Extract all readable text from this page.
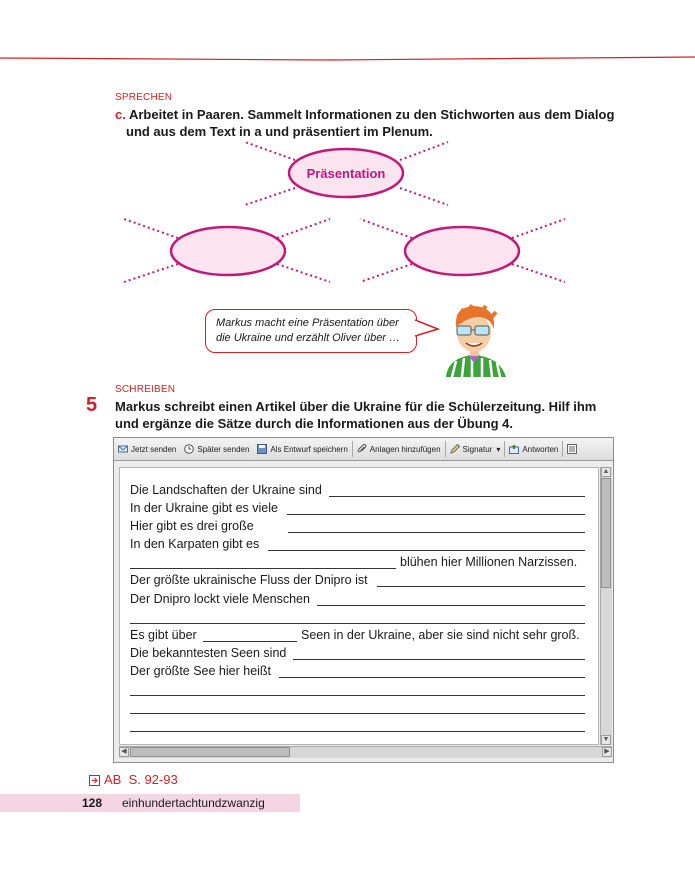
SPRECHEN
c. Arbeitet in Paaren. Sammelt Informationen zu den Stichworten aus dem Dialog
und aus dem Text in a und präsentiert im Plenum.
Präsentation
Markus macht eine Präsentation über
die Ukraine und erzählt Oliver über …
SCHREIBEN
5 Markus schreibt einen Artikel über die Ukraine für die Schülerzeitung. Hilf ihm
und ergänze die Sätze durch die Informationen aus der Übung 4.
Jetzt senden	Später senden	Als Entwurf speichern	Anlagen hinzufügen	Signatur ▾	Antworten
▲
▼
◀	▶
Die Landschaften der Ukraine sind
In der Ukraine gibt es viele
Hier gibt es drei große
In den Karpaten gibt es
blühen hier Millionen Narzissen.
Der größte ukrainische Fluss der Dnipro ist
Der Dnipro lockt viele Menschen
Es gibt über	Seen in der Ukraine, aber sie sind nicht sehr groß.
Die bekanntesten Seen sind
Der größte See hier heißt
AB  S. 92-93
128 einhundertachtundzwanzig
